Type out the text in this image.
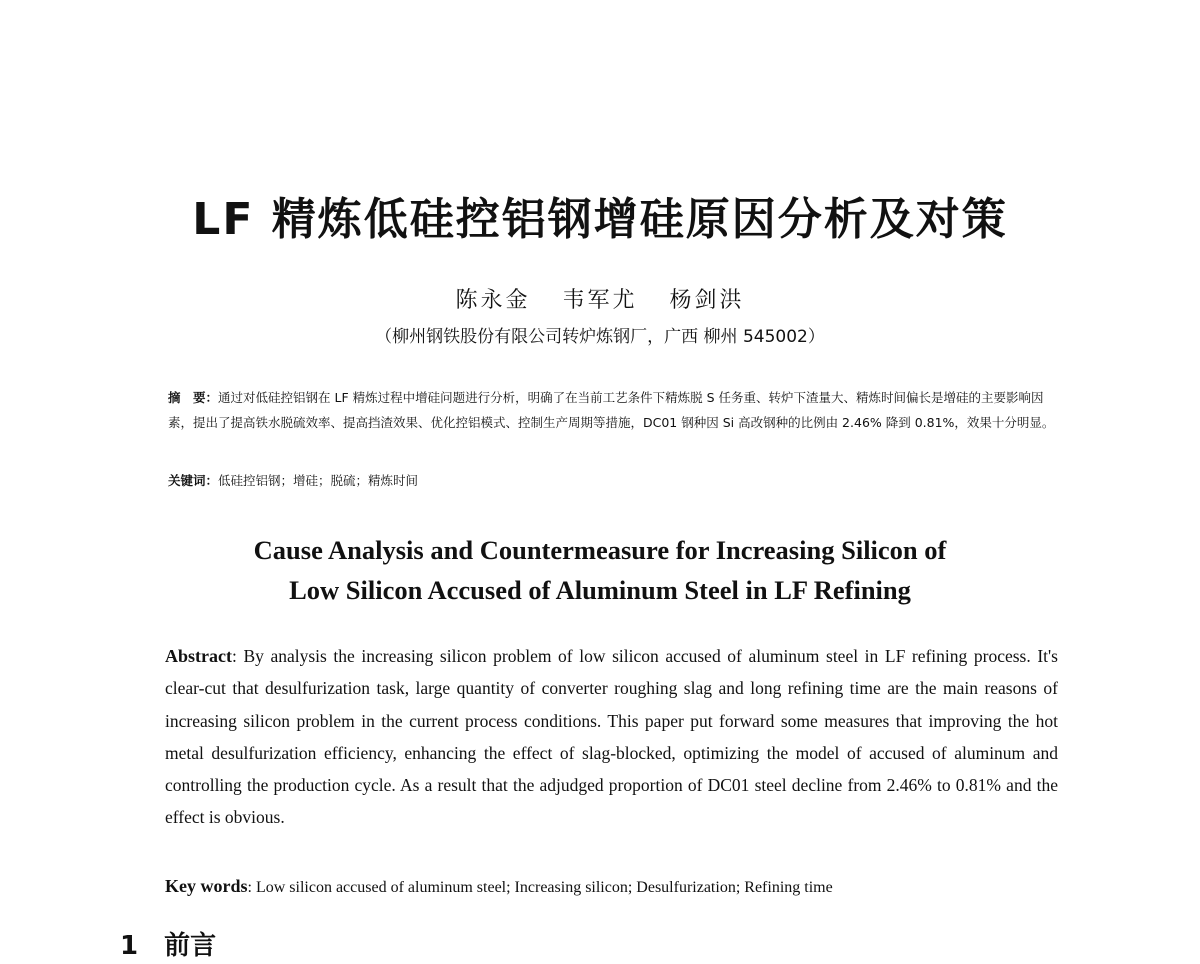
LF 精炼低硅控铝钢增硅原因分析及对策
陈永金 韦军尤 杨剑洪
（柳州钢铁股份有限公司转炉炼钢厂，广西 柳州 545002）
摘　要：通过对低硅控铝钢在 LF 精炼过程中增硅问题进行分析，明确了在当前工艺条件下精炼脱 S 任务重、转炉下渣量大、精炼时间偏长是增硅的主要影响因素，提出了提高铁水脱硫效率、提高挡渣效果、优化控铝模式、控制生产周期等措施，DC01 钢种因 Si 高改钢种的比例由 2.46% 降到 0.81%，效果十分明显。
关键词：低硅控铝钢；增硅；脱硫；精炼时间
Cause Analysis and Countermeasure for Increasing Silicon of
Low Silicon Accused of Aluminum Steel in LF Refining
Abstract: By analysis the increasing silicon problem of low silicon accused of aluminum steel in LF refining process. It's clear-cut that desulfurization task, large quantity of converter roughing slag and long refining time are the main reasons of increasing silicon problem in the current process conditions. This paper put forward some measures that improving the hot metal desulfurization efficiency, enhancing the effect of slag-blocked, optimizing the model of accused of aluminum and controlling the production cycle. As a result that the adjudged proportion of DC01 steel decline from 2.46% to 0.81% and the effect is obvious.
Key words: Low silicon accused of aluminum steel; Increasing silicon; Desulfurization; Refining time
1 前言
